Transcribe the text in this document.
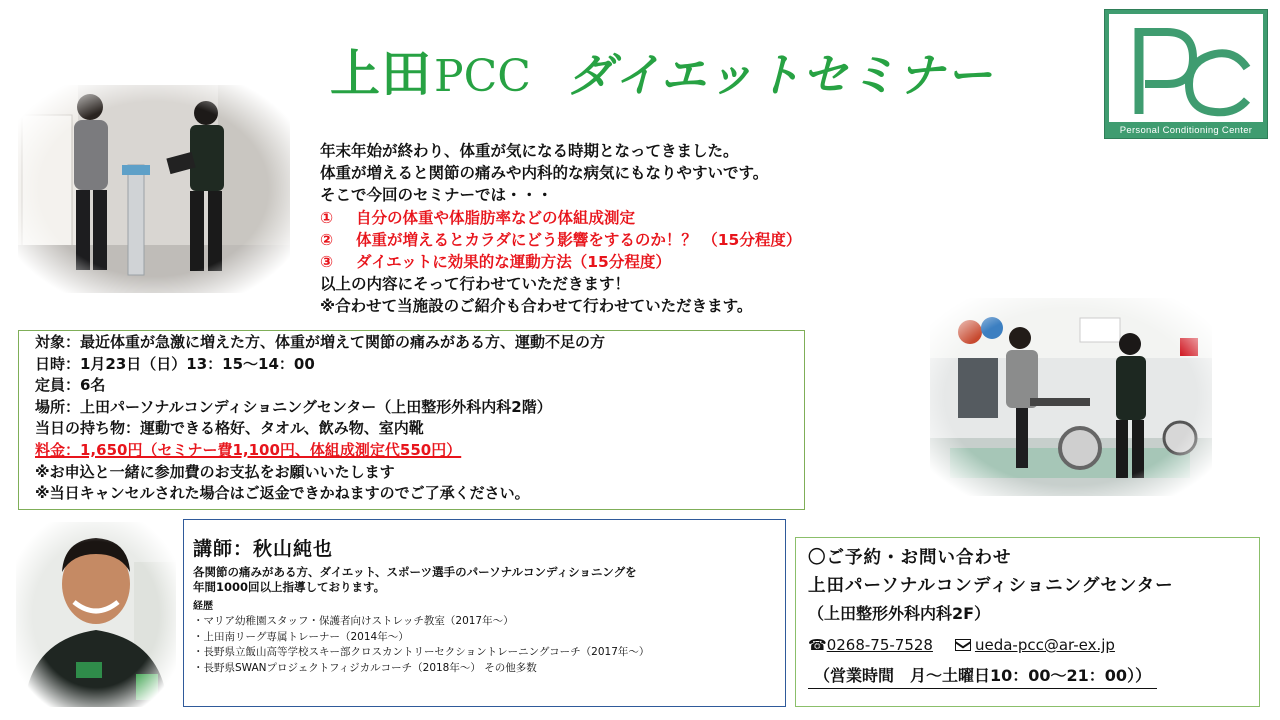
上田PCC ダイエットセミナー
Personal Conditioning Center
年末年始が終わり、体重が気になる時期となってきました。
体重が増えると関節の痛みや内科的な病気にもなりやすいです。
そこで今回のセミナーでは・・・
① 自分の体重や体脂肪率などの体組成測定
② 体重が増えるとカラダにどう影響をするのか！？ （15分程度）
③ ダイエットに効果的な運動方法（15分程度）
以上の内容にそって行わせていただきます！
※合わせて当施設のご紹介も合わせて行わせていただきます。
対象：最近体重が急激に増えた方、体重が増えて関節の痛みがある方、運動不足の方
日時：1月23日（日）13：15～14：00
定員：6名
場所：上田パーソナルコンディショニングセンター（上田整形外科内科2階）
当日の持ち物：運動できる格好、タオル、飲み物、室内靴
料金：1,650円（セミナー費1,100円、体組成測定代550円）
※お申込と一緒に参加費のお支払をお願いいたします
※当日キャンセルされた場合はご返金できかねますのでご了承ください。
講師：秋山純也
各関節の痛みがある方、ダイエット、スポーツ選手のパーソナルコンディショニングを
年間1000回以上指導しております。
経歴
・マリア幼稚園スタッフ・保護者向けストレッチ教室（2017年～）
・上田南リーグ専属トレーナー（2014年～）
・長野県立飯山高等学校スキー部クロスカントリーセクショントレーニングコーチ（2017年～）
・長野県SWANプロジェクトフィジカルコーチ（2018年～） その他多数
〇ご予約・お問い合わせ
上田パーソナルコンディショニングセンター
（上田整形外科内科2F）
☎0268-75-7528	ueda-pcc@ar-ex.jp
（営業時間　月～土曜日10：00～21：00））
